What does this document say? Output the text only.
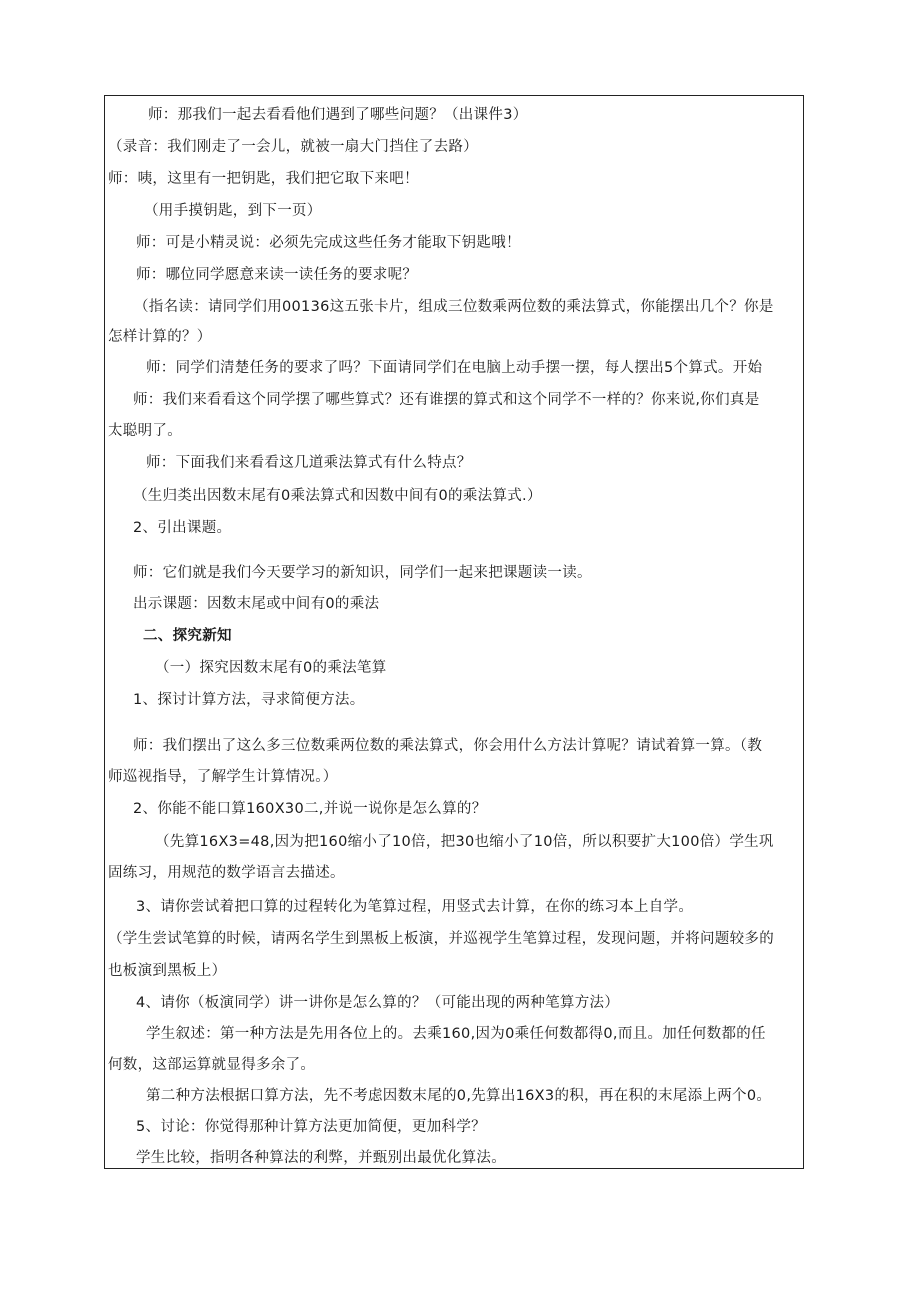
师：那我们一起去看看他们遇到了哪些问题？（出课件3）
（录音：我们刚走了一会儿，就被一扇大门挡住了去路）
师：咦，这里有一把钥匙，我们把它取下来吧！
（用手摸钥匙，到下一页）
师：可是小精灵说：必须先完成这些任务才能取下钥匙哦！
师：哪位同学愿意来读一读任务的要求呢？
（指名读：请同学们用00136这五张卡片，组成三位数乘两位数的乘法算式，你能摆出几个？你是
怎样计算的？）
师：同学们清楚任务的要求了吗？下面请同学们在电脑上动手摆一摆，每人摆出5个算式。开始
师：我们来看看这个同学摆了哪些算式？还有谁摆的算式和这个同学不一样的？你来说,你们真是
太聪明了。
师：下面我们来看看这几道乘法算式有什么特点？
（生归类出因数末尾有0乘法算式和因数中间有0的乘法算式.）
2、引出课题。
师：它们就是我们今天要学习的新知识，同学们一起来把课题读一读。
出示课题：因数末尾或中间有0的乘法
二、探究新知
（一）探究因数末尾有0的乘法笔算
1、探讨计算方法，寻求简便方法。
师：我们摆出了这么多三位数乘两位数的乘法算式，你会用什么方法计算呢？请试着算一算。（教
师巡视指导，了解学生计算情况。）
2、你能不能口算160X30二,并说一说你是怎么算的？
（先算16X3=48,因为把160缩小了10倍，把30也缩小了10倍，所以积要扩大100倍）学生巩
固练习，用规范的数学语言去描述。
3、请你尝试着把口算的过程转化为笔算过程，用竖式去计算，在你的练习本上自学。
（学生尝试笔算的时候，请两名学生到黑板上板演，并巡视学生笔算过程，发现问题，并将问题较多的
也板演到黑板上）
4、请你（板演同学）讲一讲你是怎么算的？（可能出现的两种笔算方法）
学生叙述：第一种方法是先用各位上的。去乘160,因为0乘任何数都得0,而且。加任何数都的任
何数，这部运算就显得多余了。
第二种方法根据口算方法，先不考虑因数末尾的0,先算出16X3的积，再在积的末尾添上两个0。
5、讨论：你觉得那种计算方法更加简便，更加科学？
学生比较，指明各种算法的利弊，并甄别出最优化算法。
